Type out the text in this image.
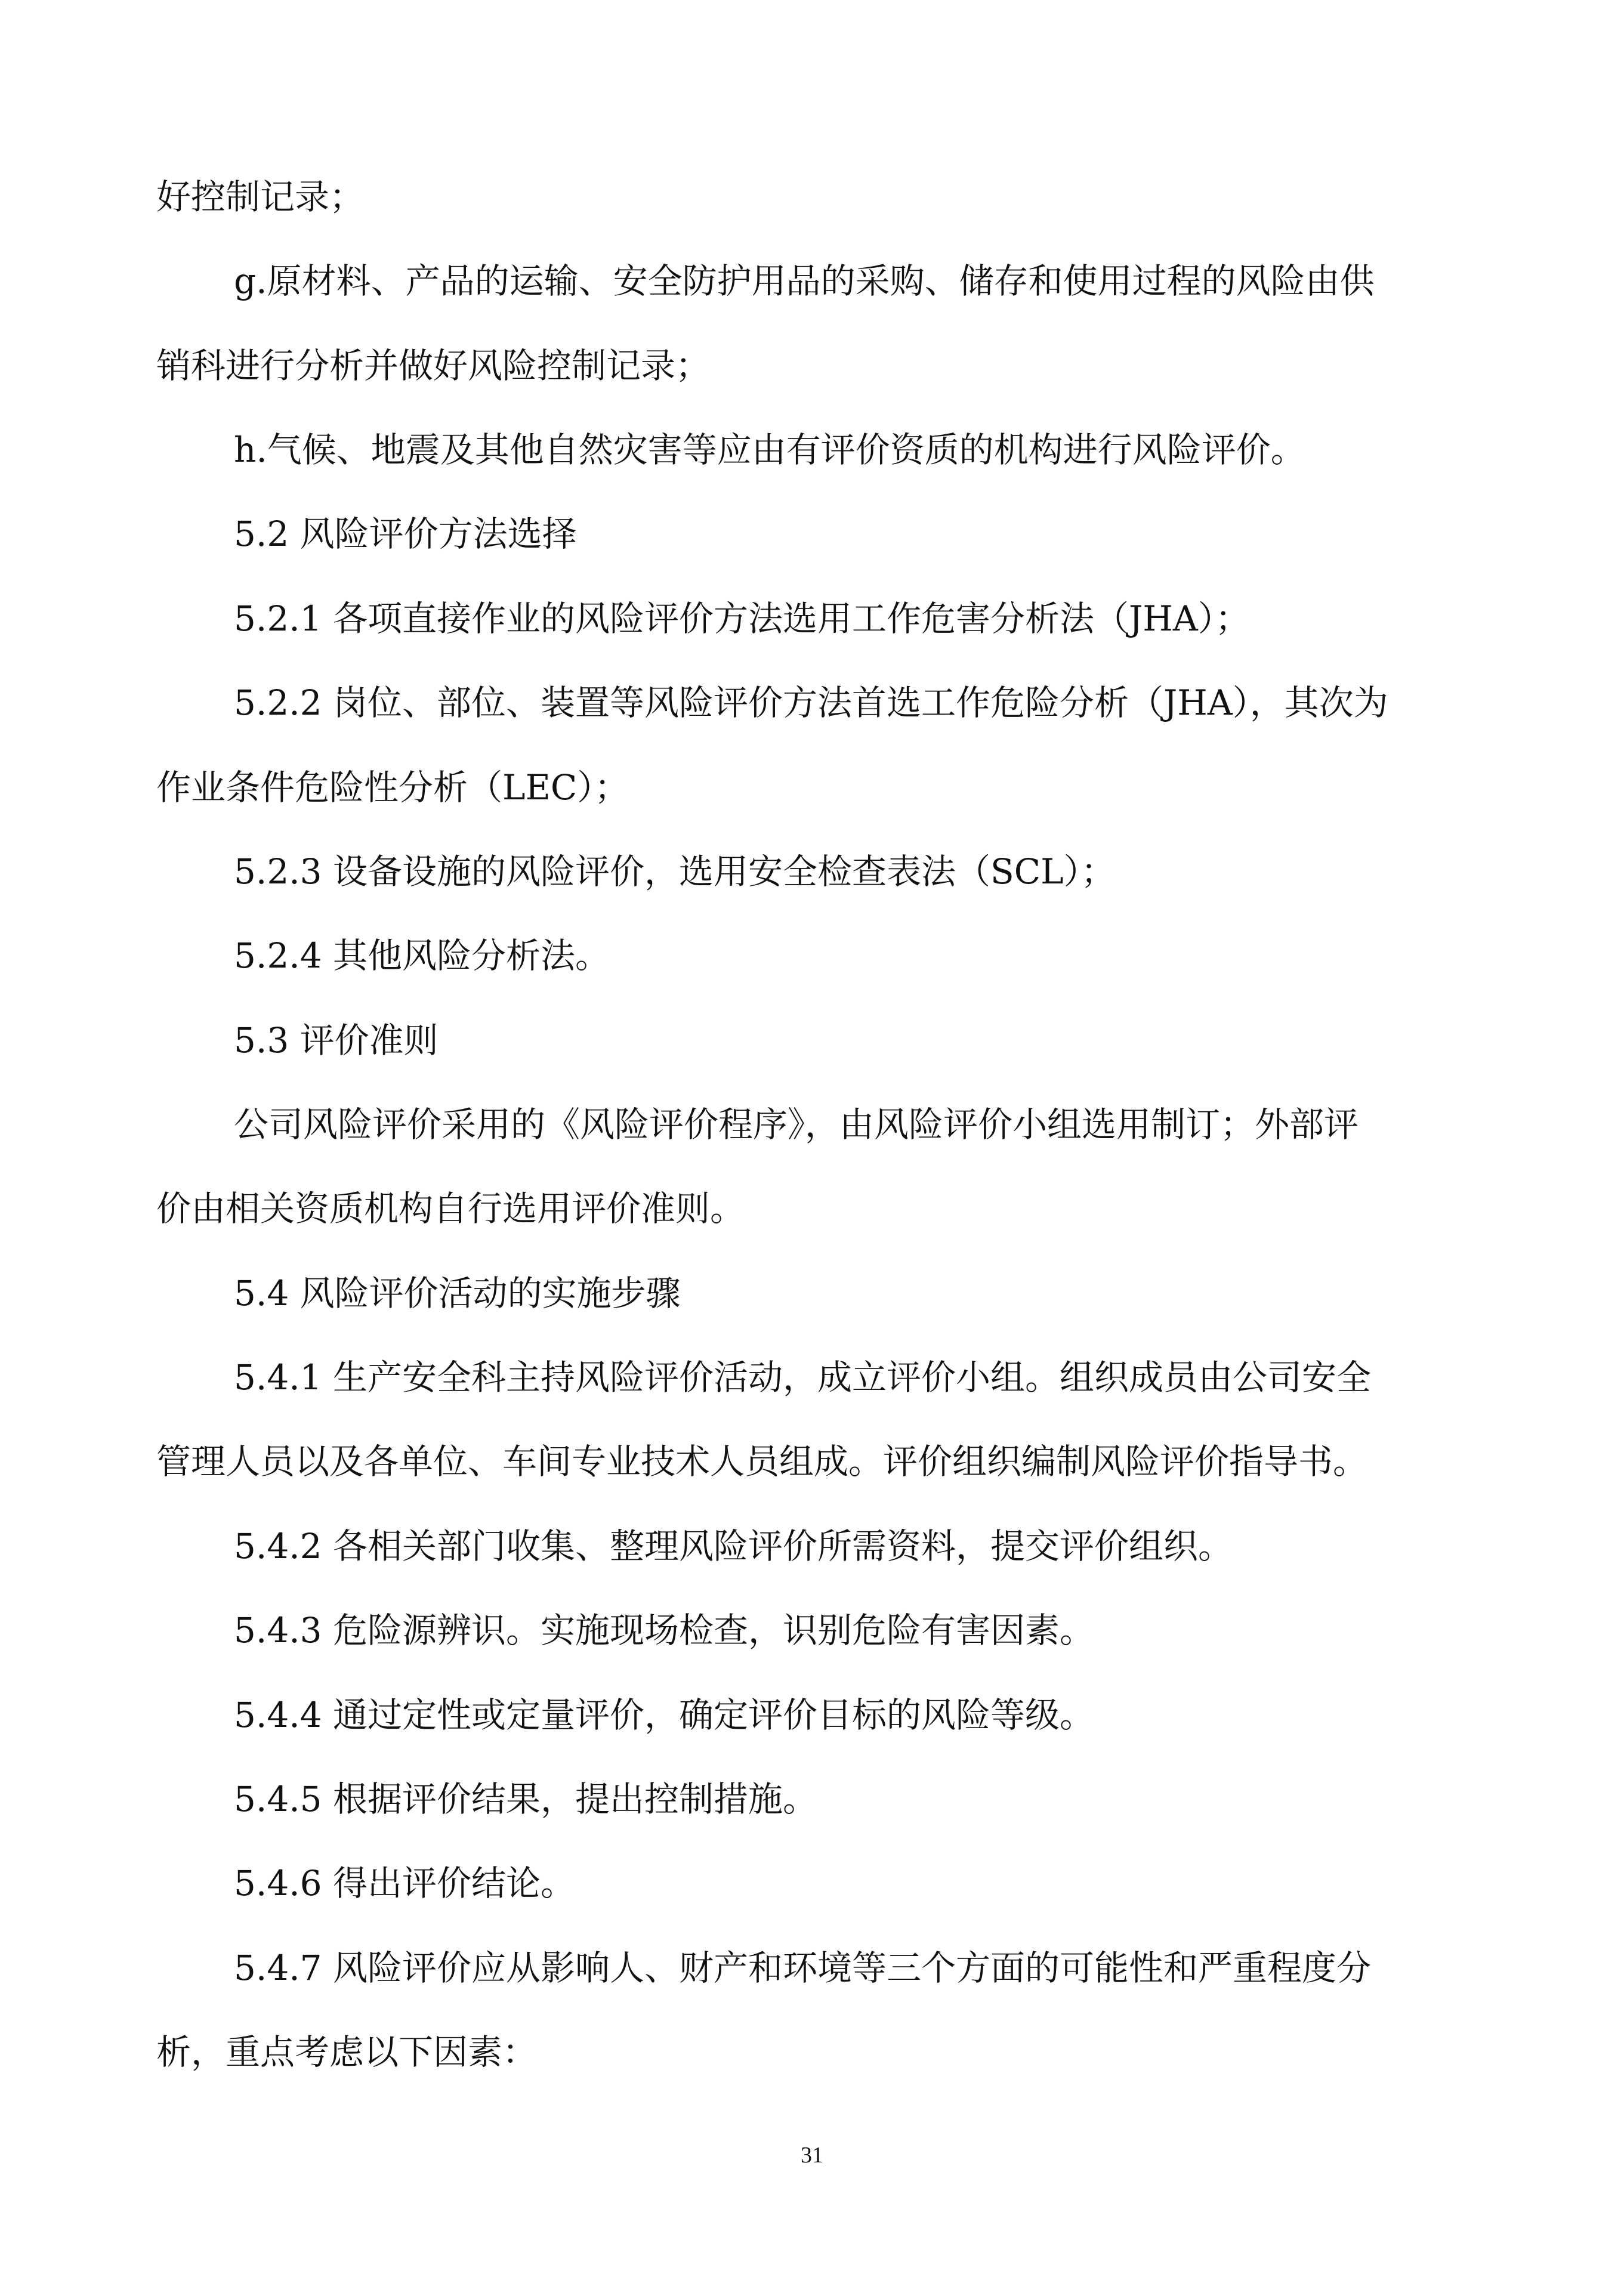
好控制记录；
g.原材料、产品的运输、安全防护用品的采购、储存和使用过程的风险由供
销科进行分析并做好风险控制记录；
h.气候、地震及其他自然灾害等应由有评价资质的机构进行风险评价。
5.2 风险评价方法选择
5.2.1 各项直接作业的风险评价方法选用工作危害分析法（JHA）；
5.2.2 岗位、部位、装置等风险评价方法首选工作危险分析（JHA），其次为
作业条件危险性分析（LEC）；
5.2.3 设备设施的风险评价，选用安全检查表法（SCL）；
5.2.4 其他风险分析法。
5.3 评价准则
公司风险评价采用的《风险评价程序》，由风险评价小组选用制订；外部评
价由相关资质机构自行选用评价准则。
5.4 风险评价活动的实施步骤
5.4.1 生产安全科主持风险评价活动，成立评价小组。组织成员由公司安全
管理人员以及各单位、车间专业技术人员组成。评价组织编制风险评价指导书。
5.4.2 各相关部门收集、整理风险评价所需资料，提交评价组织。
5.4.3 危险源辨识。实施现场检查，识别危险有害因素。
5.4.4 通过定性或定量评价，确定评价目标的风险等级。
5.4.5 根据评价结果，提出控制措施。
5.4.6 得出评价结论。
5.4.7 风险评价应从影响人、财产和环境等三个方面的可能性和严重程度分
析，重点考虑以下因素：
31
